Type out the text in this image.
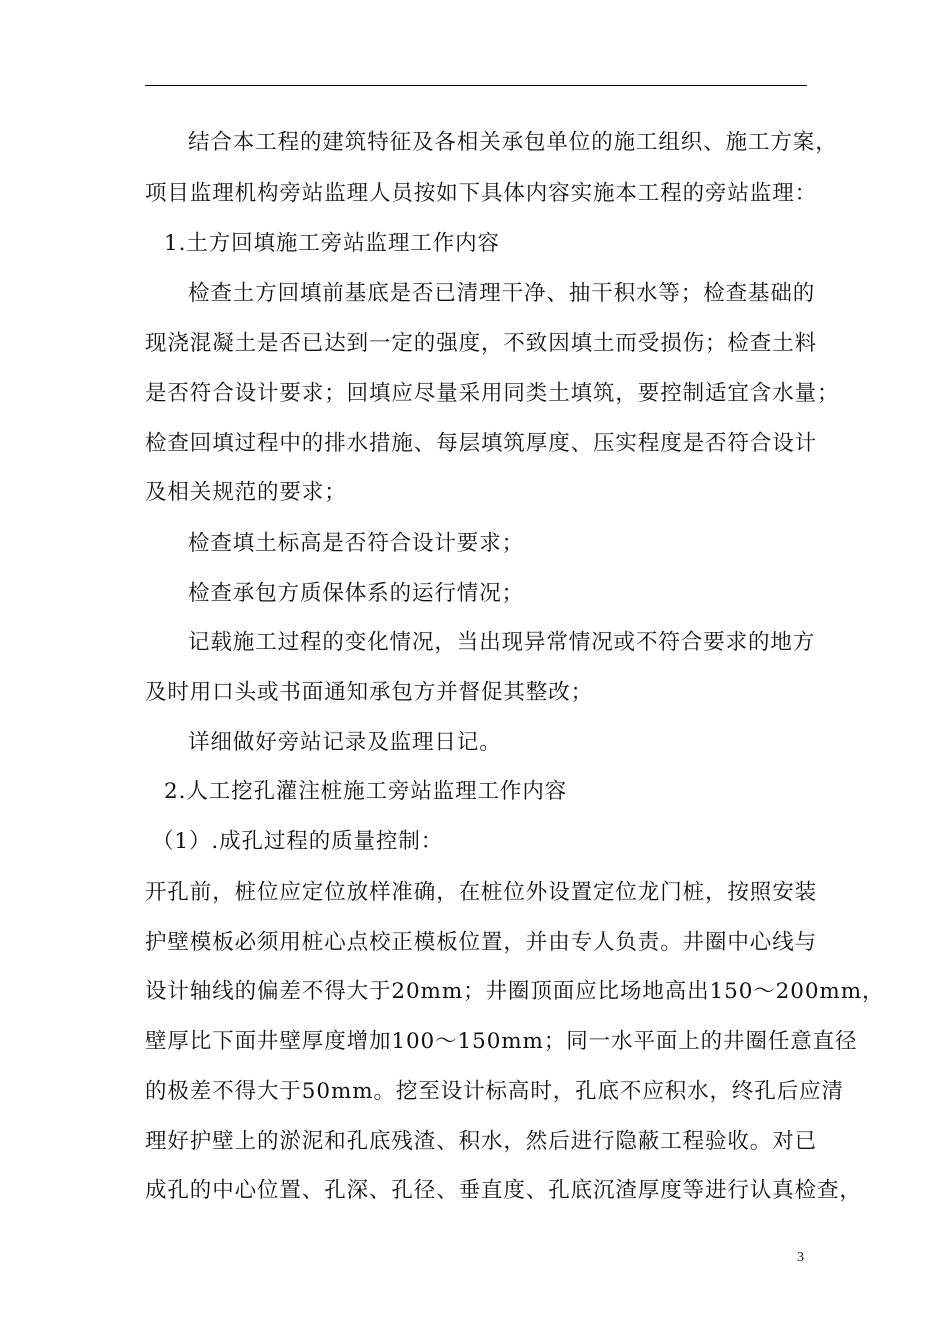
结合本工程的建筑特征及各相关承包单位的施工组织、施工方案，
项目监理机构旁站监理人员按如下具体内容实施本工程的旁站监理：
1.土方回填施工旁站监理工作内容
检查土方回填前基底是否已清理干净、抽干积水等；检查基础的
现浇混凝土是否已达到一定的强度，不致因填土而受损伤；检查土料
是否符合设计要求；回填应尽量采用同类土填筑，要控制适宜含水量；
检查回填过程中的排水措施、每层填筑厚度、压实程度是否符合设计
及相关规范的要求；
检查填土标高是否符合设计要求；
检查承包方质保体系的运行情况；
记载施工过程的变化情况，当出现异常情况或不符合要求的地方
及时用口头或书面通知承包方并督促其整改；
详细做好旁站记录及监理日记。
2.人工挖孔灌注桩施工旁站监理工作内容
（1）.成孔过程的质量控制：
开孔前，桩位应定位放样准确，在桩位外设置定位龙门桩，按照安装
护壁模板必须用桩心点校正模板位置，并由专人负责。井圈中心线与
设计轴线的偏差不得大于20mm；井圈顶面应比场地高出150～200mm，
壁厚比下面井壁厚度增加100～150mm；同一水平面上的井圈任意直径
的极差不得大于50mm。挖至设计标高时，孔底不应积水，终孔后应清
理好护壁上的淤泥和孔底残渣、积水，然后进行隐蔽工程验收。对已
成孔的中心位置、孔深、孔径、垂直度、孔底沉渣厚度等进行认真检查，
3
